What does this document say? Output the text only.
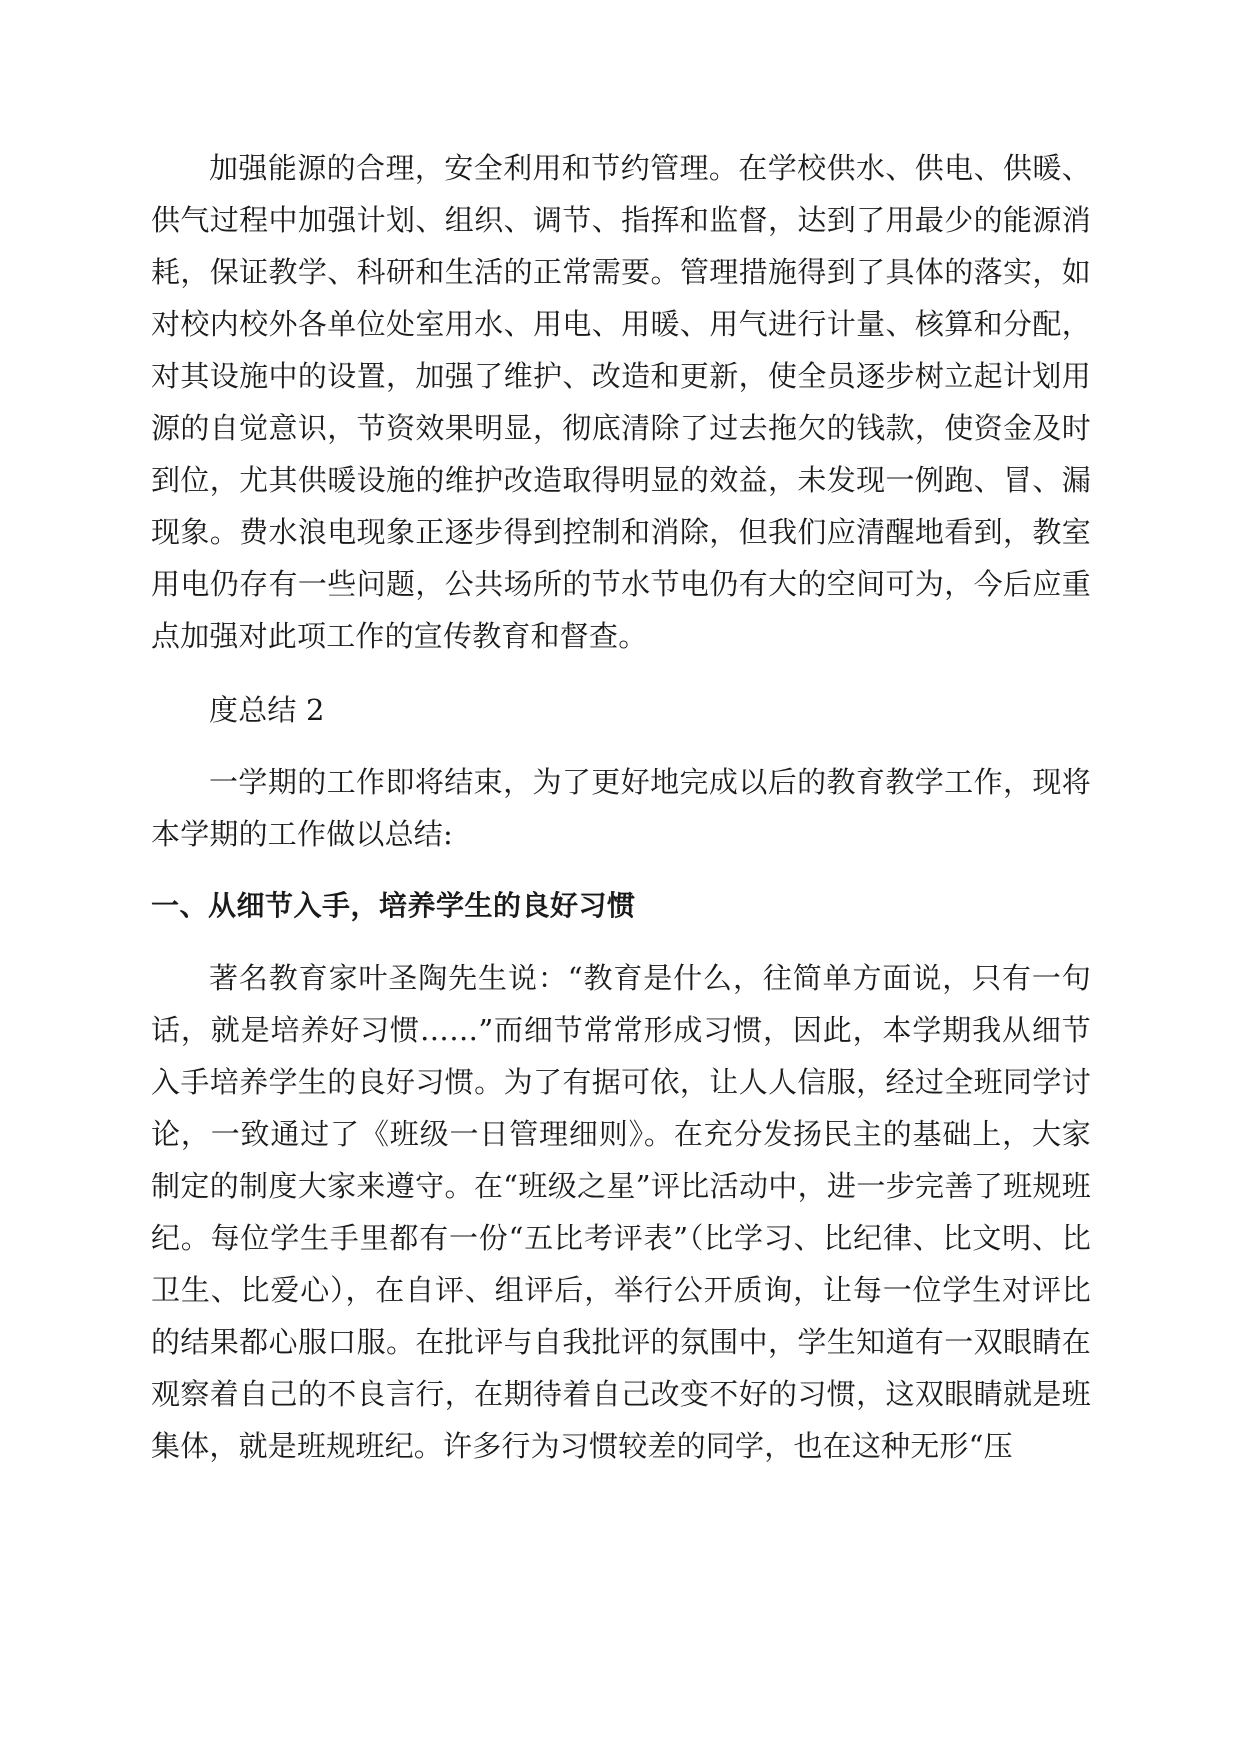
加强能源的合理，安全利用和节约管理。在学校供水、供电、供暖、供气过程中加强计划、组织、调节、指挥和监督，达到了用最少的能源消耗，保证教学、科研和生活的正常需要。管理措施得到了具体的落实，如对校内校外各单位处室用水、用电、用暖、用气进行计量、核算和分配，对其设施中的设置，加强了维护、改造和更新，使全员逐步树立起计划用源的自觉意识，节资效果明显，彻底清除了过去拖欠的钱款，使资金及时到位，尤其供暖设施的维护改造取得明显的效益，未发现一例跑、冒、漏现象。费水浪电现象正逐步得到控制和消除，但我们应清醒地看到，教室用电仍存有一些问题，公共场所的节水节电仍有大的空间可为，今后应重点加强对此项工作的宣传教育和督查。

度总结 2

一学期的工作即将结束，为了更好地完成以后的教育教学工作，现将本学期的工作做以总结:

一、从细节入手，培养学生的良好习惯

著名教育家叶圣陶先生说：“教育是什么，往简单方面说，只有一句话，就是培养好习惯……”而细节常常形成习惯，因此，本学期我从细节入手培养学生的良好习惯。为了有据可依，让人人信服，经过全班同学讨论，一致通过了《班级一日管理细则》。在充分发扬民主的基础上，大家制定的制度大家来遵守。在“班级之星”评比活动中，进一步完善了班规班纪。每位学生手里都有一份“五比考评表”（比学习、比纪律、比文明、比卫生、比爱心），在自评、组评后，举行公开质询，让每一位学生对评比的结果都心服口服。在批评与自我批评的氛围中，学生知道有一双眼睛在观察着自己的不良言行，在期待着自己改变不好的习惯，这双眼睛就是班集体，就是班规班纪。许多行为习惯较差的同学，也在这种无形“压
